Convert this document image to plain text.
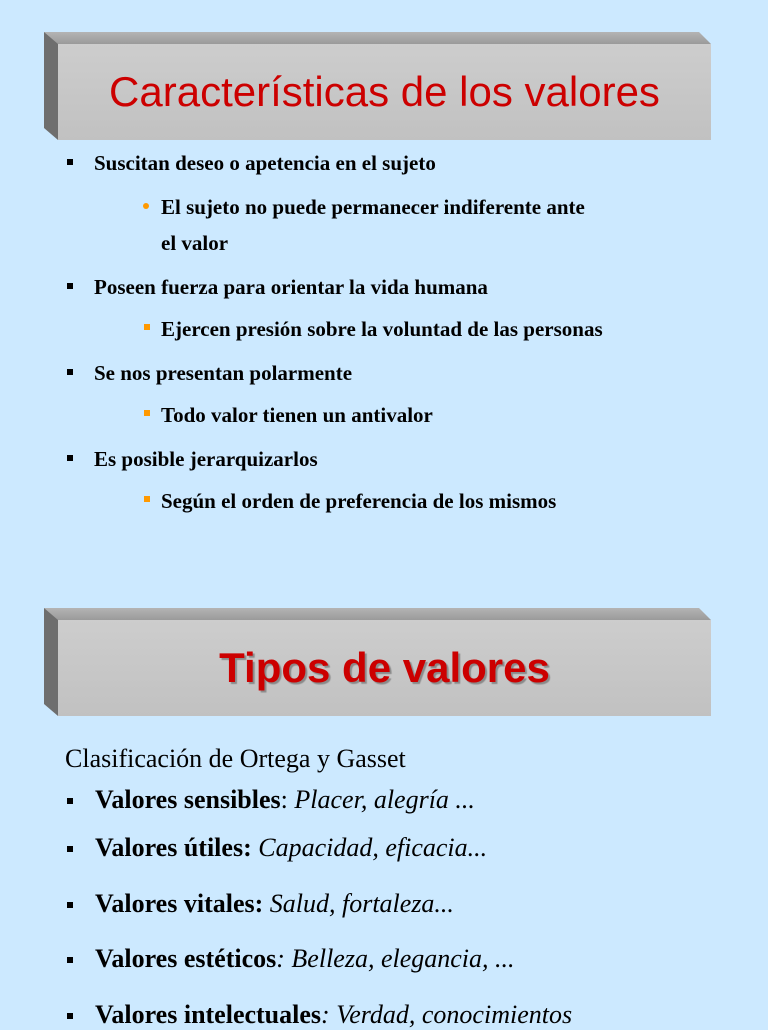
Características de los valores
Suscitan deseo o apetencia en el sujeto
El sujeto no puede permanecer indiferente ante
el valor
Poseen fuerza para orientar la vida humana
Ejercen presión sobre la voluntad de las personas
Se nos presentan polarmente
Todo valor tienen un antivalor
Es posible jerarquizarlos
Según el orden de preferencia de los mismos
Tipos de valores
Clasificación de Ortega y Gasset
Valores sensibles: Placer, alegría ...
Valores útiles: Capacidad, eficacia...
Valores vitales: Salud, fortaleza...
Valores estéticos: Belleza, elegancia, ...
Valores intelectuales: Verdad, conocimientos
